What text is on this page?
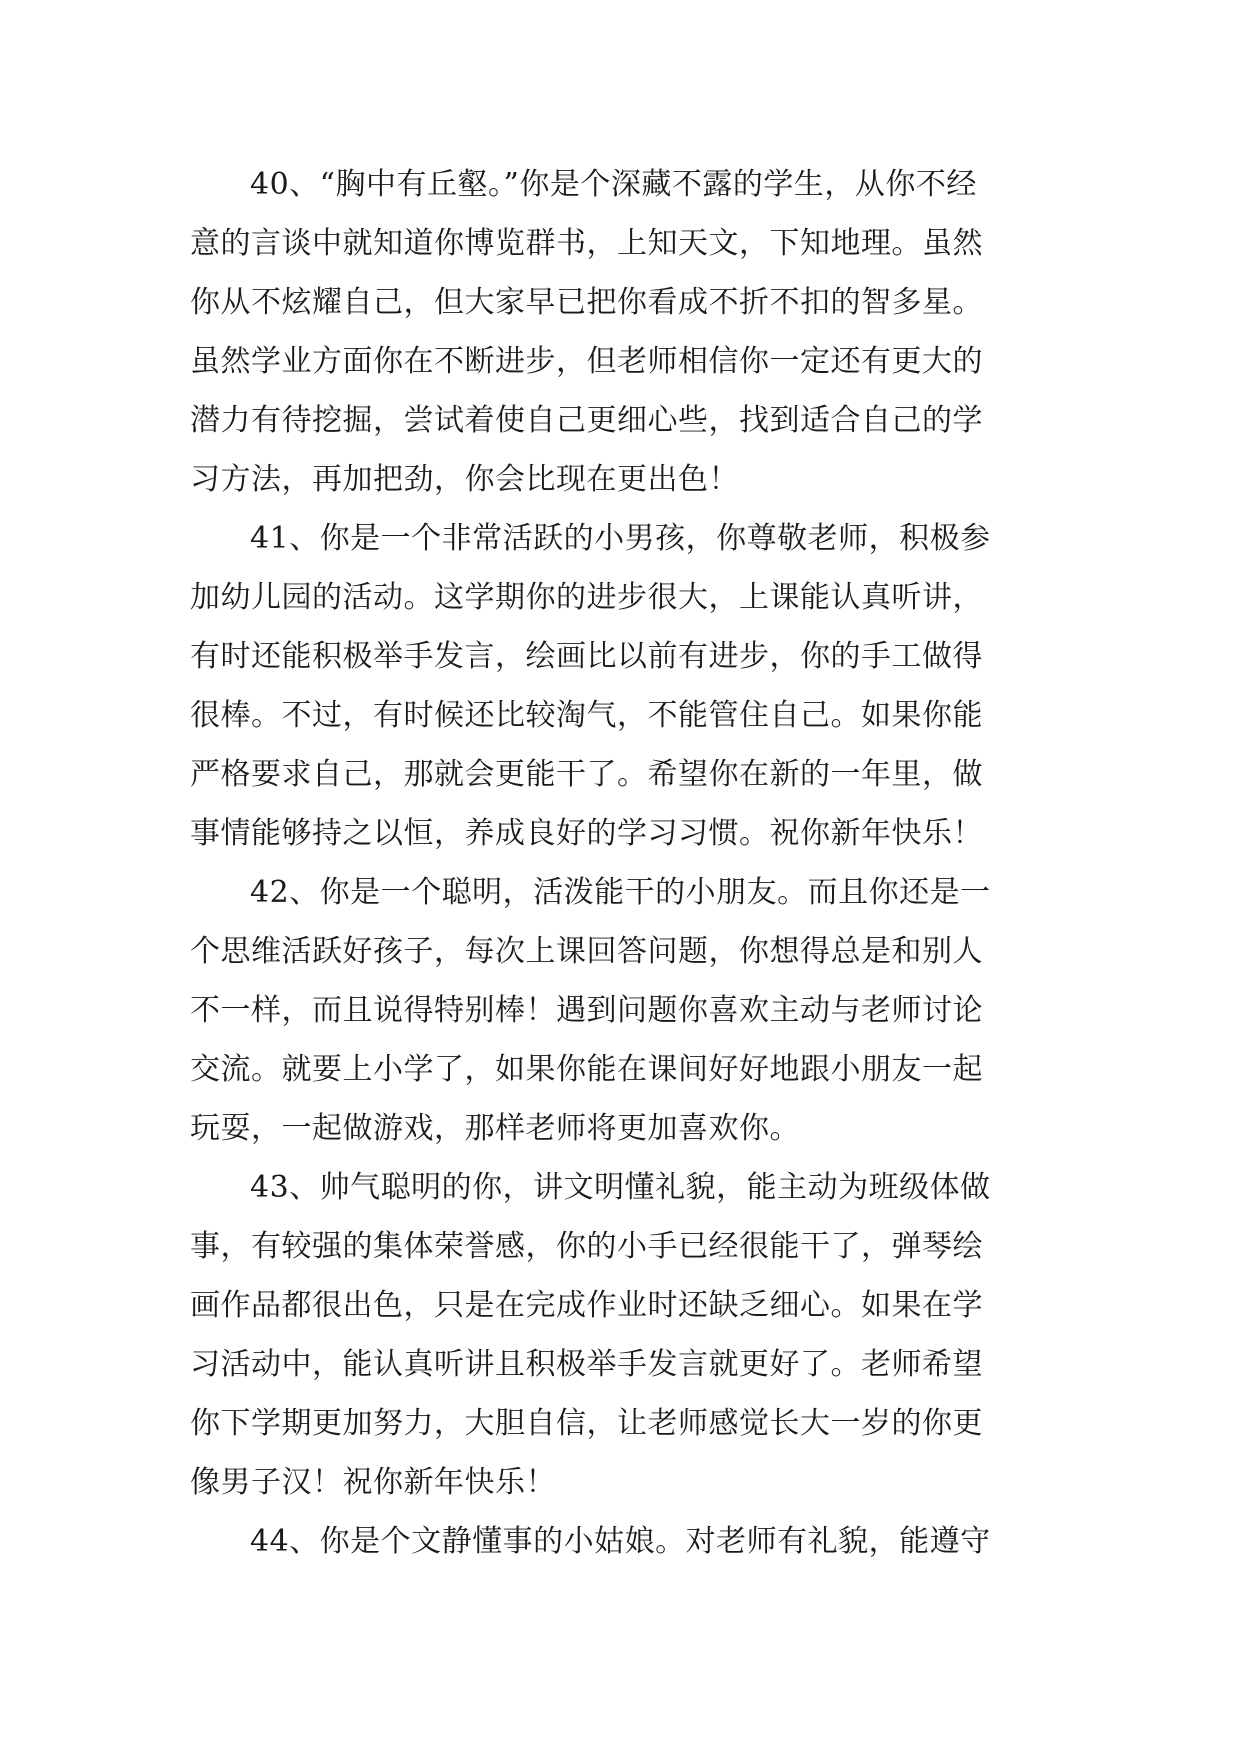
40、“胸中有丘壑。”你是个深藏不露的学生，从你不经
意的言谈中就知道你博览群书，上知天文，下知地理。虽然
你从不炫耀自己，但大家早已把你看成不折不扣的智多星。
虽然学业方面你在不断进步，但老师相信你一定还有更大的
潜力有待挖掘，尝试着使自己更细心些，找到适合自己的学
习方法，再加把劲，你会比现在更出色！

41、你是一个非常活跃的小男孩，你尊敬老师，积极参
加幼儿园的活动。这学期你的进步很大，上课能认真听讲，
有时还能积极举手发言，绘画比以前有进步，你的手工做得
很棒。不过，有时候还比较淘气，不能管住自己。如果你能
严格要求自己，那就会更能干了。希望你在新的一年里，做
事情能够持之以恒，养成良好的学习习惯。祝你新年快乐！

42、你是一个聪明，活泼能干的小朋友。而且你还是一
个思维活跃好孩子，每次上课回答问题，你想得总是和别人
不一样，而且说得特别棒！遇到问题你喜欢主动与老师讨论
交流。就要上小学了，如果你能在课间好好地跟小朋友一起
玩耍，一起做游戏，那样老师将更加喜欢你。

43、帅气聪明的你，讲文明懂礼貌，能主动为班级体做
事，有较强的集体荣誉感，你的小手已经很能干了，弹琴绘
画作品都很出色，只是在完成作业时还缺乏细心。如果在学
习活动中，能认真听讲且积极举手发言就更好了。老师希望
你下学期更加努力，大胆自信，让老师感觉长大一岁的你更
像男子汉！祝你新年快乐！

44、你是个文静懂事的小姑娘。对老师有礼貌，能遵守
